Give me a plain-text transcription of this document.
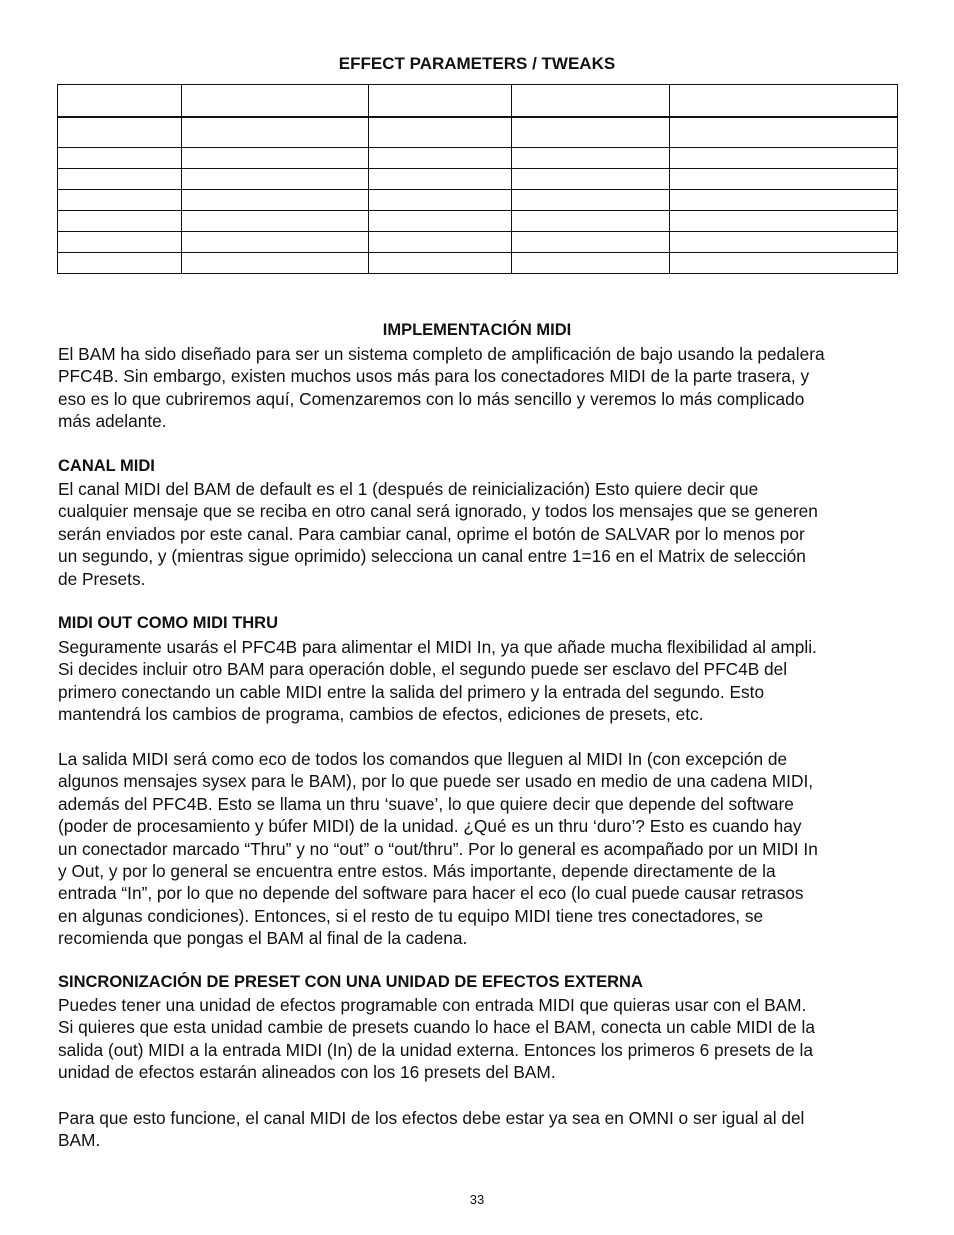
EFFECT PARAMETERS / TWEAKS

IMPLEMENTACIÓN MIDI
El BAM ha sido diseñado para ser un sistema completo de amplificación de bajo usando la pedalera
PFC4B. Sin embargo, existen muchos usos más para los conectadores MIDI de la parte trasera, y
eso es lo que cubriremos aquí, Comenzaremos con lo más sencillo y veremos lo más complicado
más adelante.
CANAL MIDI
El canal MIDI del BAM de default es el 1 (después de reinicialización) Esto quiere decir que
cualquier mensaje que se reciba en otro canal será ignorado, y todos los mensajes que se generen
serán enviados por este canal. Para cambiar canal, oprime el botón de SALVAR por lo menos por
un segundo, y (mientras sigue oprimido) selecciona un canal entre 1=16 en el Matrix de selección
de Presets.
MIDI OUT COMO MIDI THRU
Seguramente usarás el PFC4B para alimentar el MIDI In, ya que añade mucha flexibilidad al ampli.
Si decides incluir otro BAM para operación doble, el segundo puede ser esclavo del PFC4B del
primero conectando un cable MIDI entre la salida del primero y la entrada del segundo. Esto
mantendrá los cambios de programa, cambios de efectos, ediciones de presets, etc.
La salida MIDI será como eco de todos los comandos que lleguen al MIDI In (con excepción de
algunos mensajes sysex para le BAM), por lo que puede ser usado en medio de una cadena MIDI,
además del PFC4B. Esto se llama un thru ‘suave’, lo que quiere decir que depende del software
(poder de procesamiento y búfer MIDI) de la unidad. ¿Qué es un thru ‘duro’? Esto es cuando hay
un conectador marcado “Thru” y no “out” o “out/thru”. Por lo general es acompañado por un MIDI In
y Out, y por lo general se encuentra entre estos. Más importante, depende directamente de la
entrada “In”, por lo que no depende del software para hacer el eco (lo cual puede causar retrasos
en algunas condiciones). Entonces, si el resto de tu equipo MIDI tiene tres conectadores, se
recomienda que pongas el BAM al final de la cadena.
SINCRONIZACIÓN DE PRESET CON UNA UNIDAD DE EFECTOS EXTERNA
Puedes tener una unidad de efectos programable con entrada MIDI que quieras usar con el BAM.
Si quieres que esta unidad cambie de presets cuando lo hace el BAM, conecta un cable MIDI de la
salida (out) MIDI a la entrada MIDI (In) de la unidad externa. Entonces los primeros 6 presets de la
unidad de efectos estarán alineados con los 16 presets del BAM.
Para que esto funcione, el canal MIDI de los efectos debe estar ya sea en OMNI o ser igual al del
BAM.
33
